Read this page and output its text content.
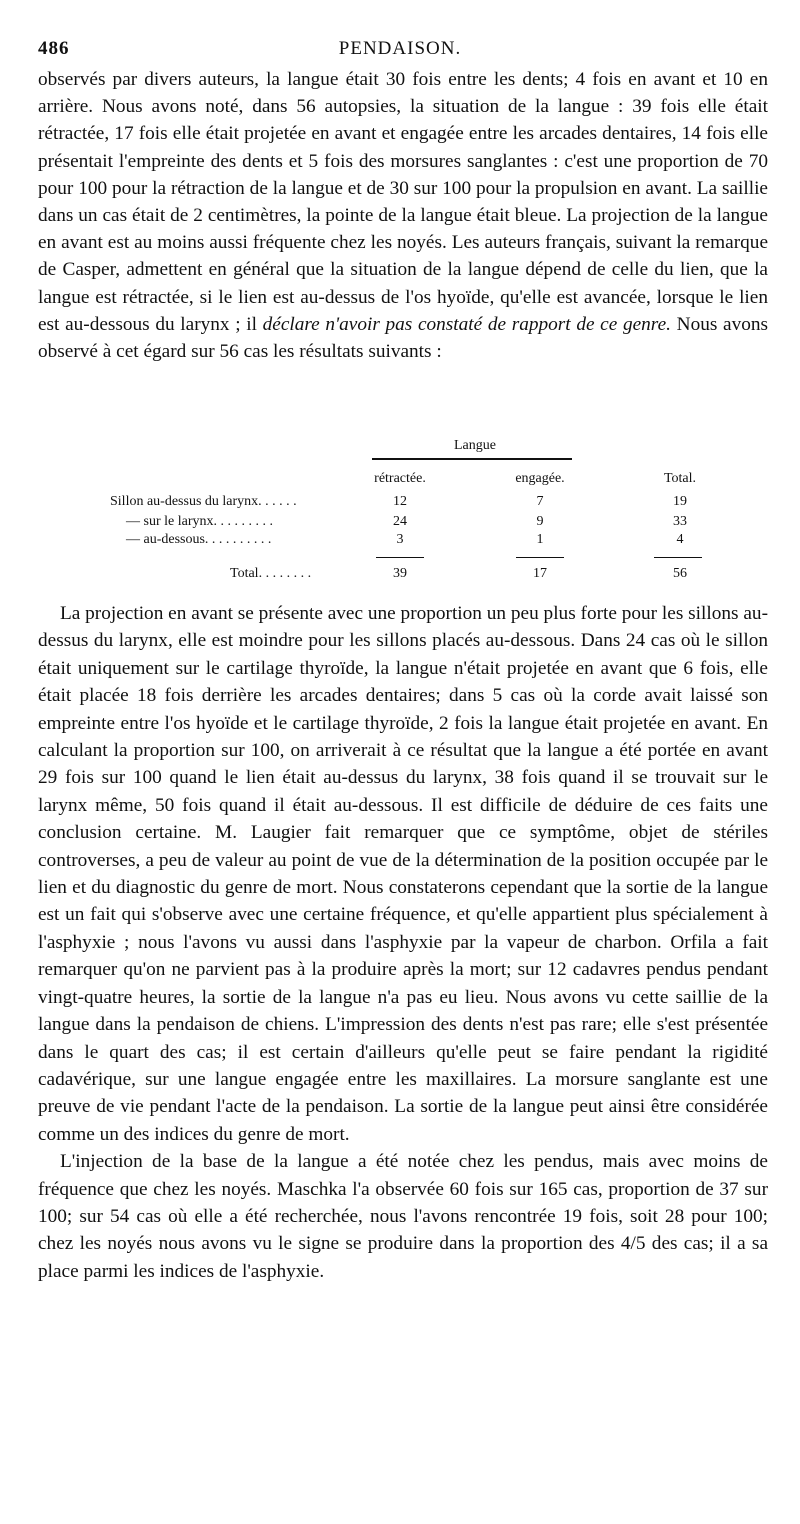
486	PENDAISON.

observés par divers auteurs, la langue était 30 fois entre les dents; 4 fois en avant et 10 en arrière. Nous avons noté, dans 56 autopsies, la situation de la langue : 39 fois elle était rétractée, 17 fois elle était projetée en avant et engagée entre les arcades dentaires, 14 fois elle présentait l'empreinte des dents et 5 fois des morsures sanglantes : c'est une proportion de 70 pour 100 pour la rétraction de la langue et de 30 sur 100 pour la propulsion en avant. La saillie dans un cas était de 2 centimètres, la pointe de la langue était bleue. La projection de la langue en avant est au moins aussi fréquente chez les noyés. Les auteurs français, suivant la remarque de Casper, admettent en général que la situation de la langue dépend de celle du lien, que la langue est rétractée, si le lien est au-dessus de l'os hyoïde, qu'elle est avancée, lorsque le lien est au-dessous du larynx ; il déclare n'avoir pas constaté de rapport de ce genre. Nous avons observé à cet égard sur 56 cas les résultats suivants :

Langue
rétractée.	engagée.	Total.
Sillon au-dessus du larynx. . . . . .	12	7	19
— sur le larynx. . . . . . . . .	24	9	33
— au-dessous. . . . . . . . . .	3	1	4
Total. . . . . . . .	39	17	56

La projection en avant se présente avec une proportion un peu plus forte pour les sillons au-dessus du larynx, elle est moindre pour les sillons placés au-dessous. Dans 24 cas où le sillon était uniquement sur le cartilage thyroïde, la langue n'était projetée en avant que 6 fois, elle était placée 18 fois derrière les arcades dentaires; dans 5 cas où la corde avait laissé son empreinte entre l'os hyoïde et le cartilage thyroïde, 2 fois la langue était projetée en avant. En calculant la proportion sur 100, on arriverait à ce résultat que la langue a été portée en avant 29 fois sur 100 quand le lien était au-dessus du larynx, 38 fois quand il se trouvait sur le larynx même, 50 fois quand il était au-dessous. Il est difficile de déduire de ces faits une conclusion certaine. M. Laugier fait remarquer que ce symptôme, objet de stériles controverses, a peu de valeur au point de vue de la détermination de la position occupée par le lien et du diagnostic du genre de mort. Nous constaterons cependant que la sortie de la langue est un fait qui s'observe avec une certaine fréquence, et qu'elle appartient plus spécialement à l'asphyxie ; nous l'avons vu aussi dans l'asphyxie par la vapeur de charbon. Orfila a fait remarquer qu'on ne parvient pas à la produire après la mort; sur 12 cadavres pendus pendant vingt-quatre heures, la sortie de la langue n'a pas eu lieu. Nous avons vu cette saillie de la langue dans la pendaison de chiens. L'impression des dents n'est pas rare; elle s'est présentée dans le quart des cas; il est certain d'ailleurs qu'elle peut se faire pendant la rigidité cadavérique, sur une langue engagée entre les maxillaires. La morsure sanglante est une preuve de vie pendant l'acte de la pendaison. La sortie de la langue peut ainsi être considérée comme un des indices du genre de mort.

L'injection de la base de la langue a été notée chez les pendus, mais avec moins de fréquence que chez les noyés. Maschka l'a observée 60 fois sur 165 cas, proportion de 37 sur 100; sur 54 cas où elle a été recherchée, nous l'avons rencontrée 19 fois, soit 28 pour 100; chez les noyés nous avons vu le signe se produire dans la proportion des 4/5 des cas; il a sa place parmi les indices de l'asphyxie.
